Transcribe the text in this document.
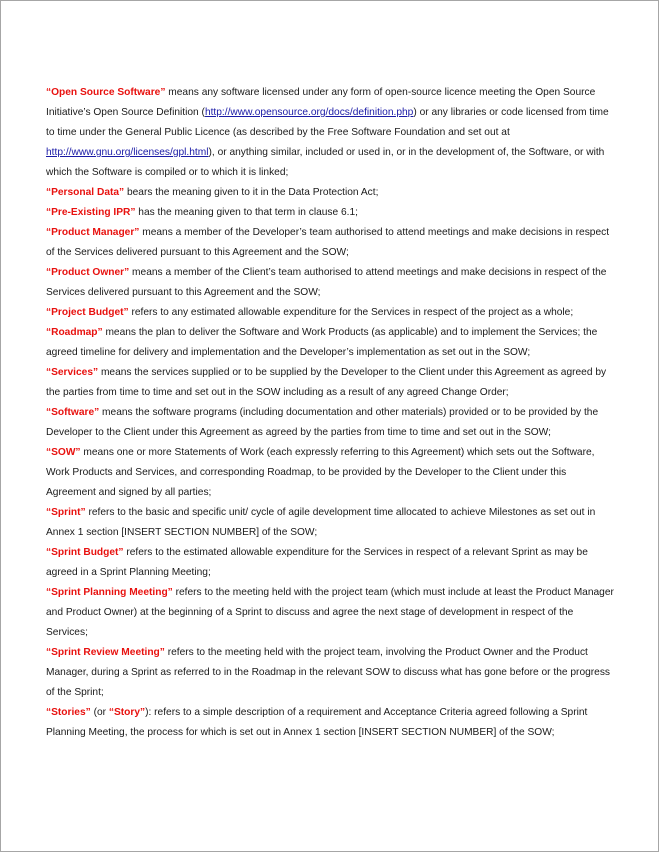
“Open Source Software” means any software licensed under any form of open-source licence meeting the Open Source Initiative’s Open Source Definition (http://www.opensource.org/docs/definition.php) or any libraries or code licensed from time to time under the General Public Licence (as described by the Free Software Foundation and set out at http://www.gnu.org/licenses/gpl.html), or anything similar, included or used in, or in the development of, the Software, or with which the Software is compiled or to which it is linked;

“Personal Data” bears the meaning given to it in the Data Protection Act;

“Pre-Existing IPR” has the meaning given to that term in clause 6.1;

“Product Manager” means a member of the Developer’s team authorised to attend meetings and make decisions in respect of the Services delivered pursuant to this Agreement and the SOW;

“Product Owner” means a member of the Client’s team authorised to attend meetings and make decisions in respect of the Services delivered pursuant to this Agreement and the SOW;

“Project Budget” refers to any estimated allowable expenditure for the Services in respect of the project as a whole;

“Roadmap” means the plan to deliver the Software and Work Products (as applicable) and to implement the Services; the agreed timeline for delivery and implementation and the Developer’s implementation as set out in the SOW;

“Services” means the services supplied or to be supplied by the Developer to the Client under this Agreement as agreed by the parties from time to time and set out in the SOW including as a result of any agreed Change Order;

“Software” means the software programs (including documentation and other materials) provided or to be provided by the Developer to the Client under this Agreement as agreed by the parties from time to time and set out in the SOW;

“SOW” means one or more Statements of Work (each expressly referring to this Agreement) which sets out the Software, Work Products and Services, and corresponding Roadmap, to be provided by the Developer to the Client under this Agreement and signed by all parties;

“Sprint” refers to the basic and specific unit/ cycle of agile development time allocated to achieve Milestones as set out in Annex 1 section [INSERT SECTION NUMBER] of the SOW;

“Sprint Budget” refers to the estimated allowable expenditure for the Services in respect of a relevant Sprint as may be agreed in a Sprint Planning Meeting;

“Sprint Planning Meeting” refers to the meeting held with the project team (which must include at least the Product Manager and Product Owner) at the beginning of a Sprint to discuss and agree the next stage of development in respect of the Services;

“Sprint Review Meeting” refers to the meeting held with the project team, involving the Product Owner and the Product Manager, during a Sprint as referred to in the Roadmap in the relevant SOW to discuss what has gone before or the progress of the Sprint;

“Stories” (or “Story”): refers to a simple description of a requirement and Acceptance Criteria agreed following a Sprint Planning Meeting, the process for which is set out in Annex 1 section [INSERT SECTION NUMBER] of the SOW;
